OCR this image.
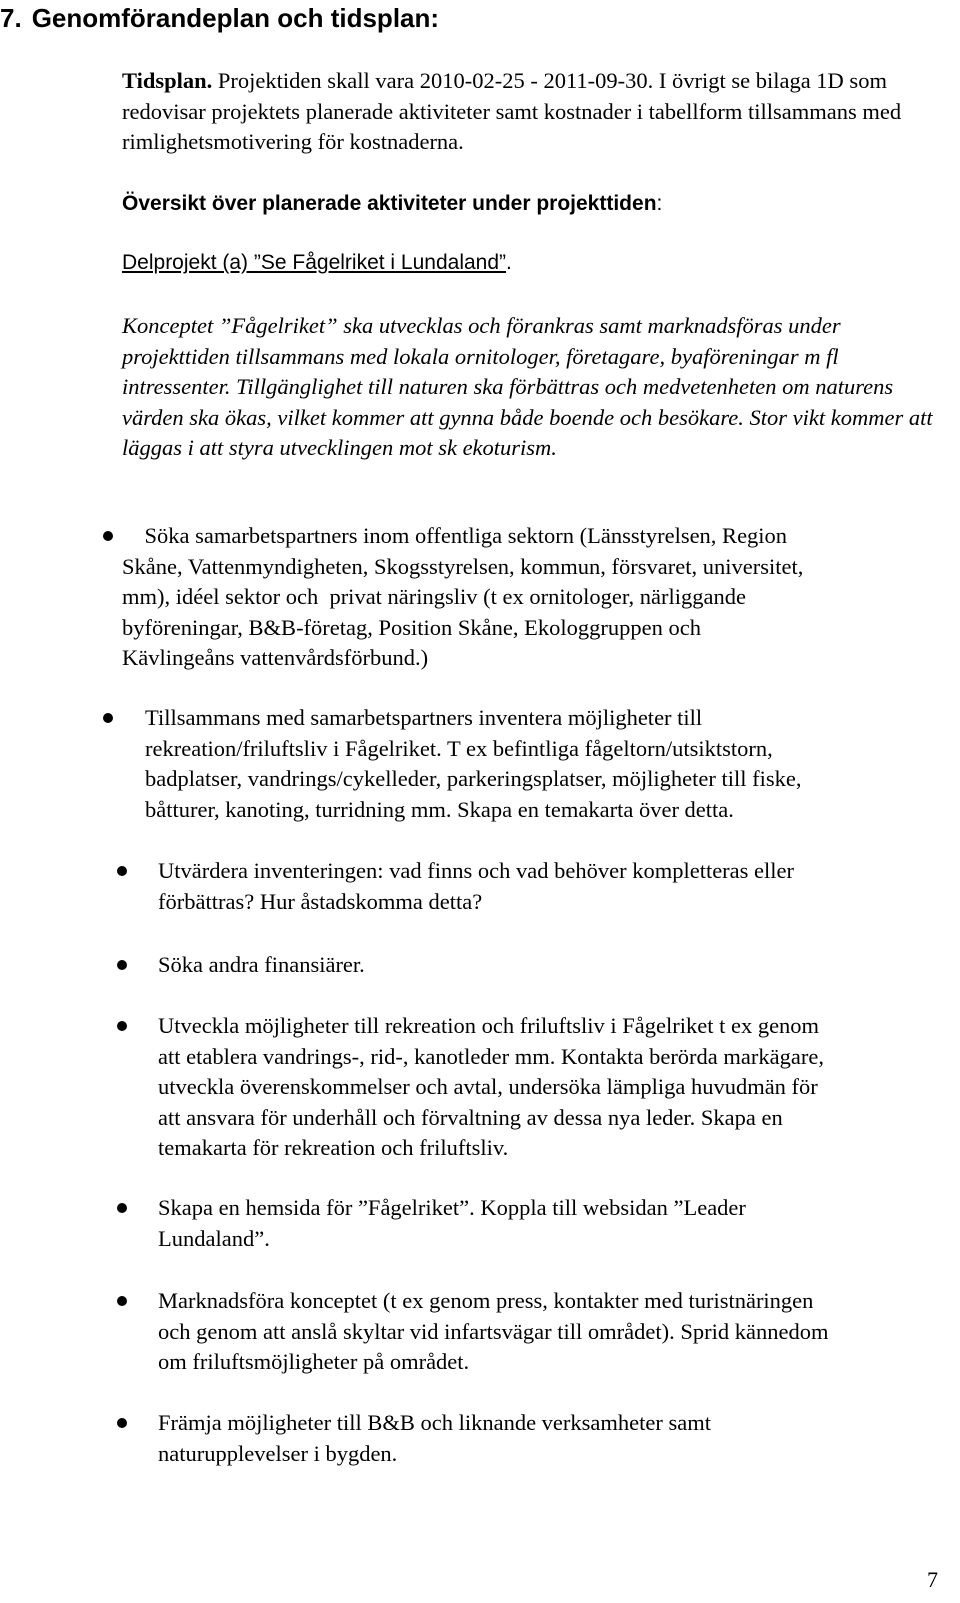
7. Genomförandeplan och tidsplan:
Tidsplan. Projektiden skall vara 2010-02-25 - 2011-09-30. I övrigt se bilaga 1D som redovisar projektets planerade aktiviteter samt kostnader i tabellform tillsammans med rimlighetsmotivering för kostnaderna.
Översikt över planerade aktiviteter under projekttiden:
Delprojekt (a) ”Se Fågelriket i Lundaland”.
Konceptet ”Fågelriket” ska utvecklas och förankras samt marknadsföras under projekttiden tillsammans med lokala ornitologer, företagare, byaföreningar m fl intressenter. Tillgänglighet till naturen ska förbättras och medvetenheten om naturens värden ska ökas, vilket kommer att gynna både boende och besökare. Stor vikt kommer att läggas i att styra utvecklingen mot sk ekoturism.
Söka samarbetspartners inom offentliga sektorn (Länsstyrelsen, Region
Skåne, Vattenmyndigheten, Skogsstyrelsen, kommun, försvaret, universitet,
mm), idéel sektor och  privat näringsliv (t ex ornitologer, närliggande
byföreningar, B&B-företag, Position Skåne, Ekologgruppen och
Kävlingeåns vattenvårdsförbund.)
Tillsammans med samarbetspartners inventera möjligheter till
rekreation/friluftsliv i Fågelriket. T ex befintliga fågeltorn/utsiktstorn,
badplatser, vandrings/cykelleder, parkeringsplatser, möjligheter till fiske,
båtturer, kanoting, turridning mm. Skapa en temakarta över detta.
Utvärdera inventeringen: vad finns och vad behöver kompletteras eller
förbättras? Hur åstadskomma detta?
Söka andra finansiärer.
Utveckla möjligheter till rekreation och friluftsliv i Fågelriket t ex genom
att etablera vandrings-, rid-, kanotleder mm. Kontakta berörda markägare,
utveckla överenskommelser och avtal, undersöka lämpliga huvudmän för
att ansvara för underhåll och förvaltning av dessa nya leder. Skapa en
temakarta för rekreation och friluftsliv.
Skapa en hemsida för ”Fågelriket”. Koppla till websidan ”Leader
Lundaland”.
Marknadsföra konceptet (t ex genom press, kontakter med turistnäringen
och genom att anslå skyltar vid infartsvägar till området). Sprid kännedom
om friluftsmöjligheter på området.
Främja möjligheter till B&B och liknande verksamheter samt
naturupplevelser i bygden.
7
